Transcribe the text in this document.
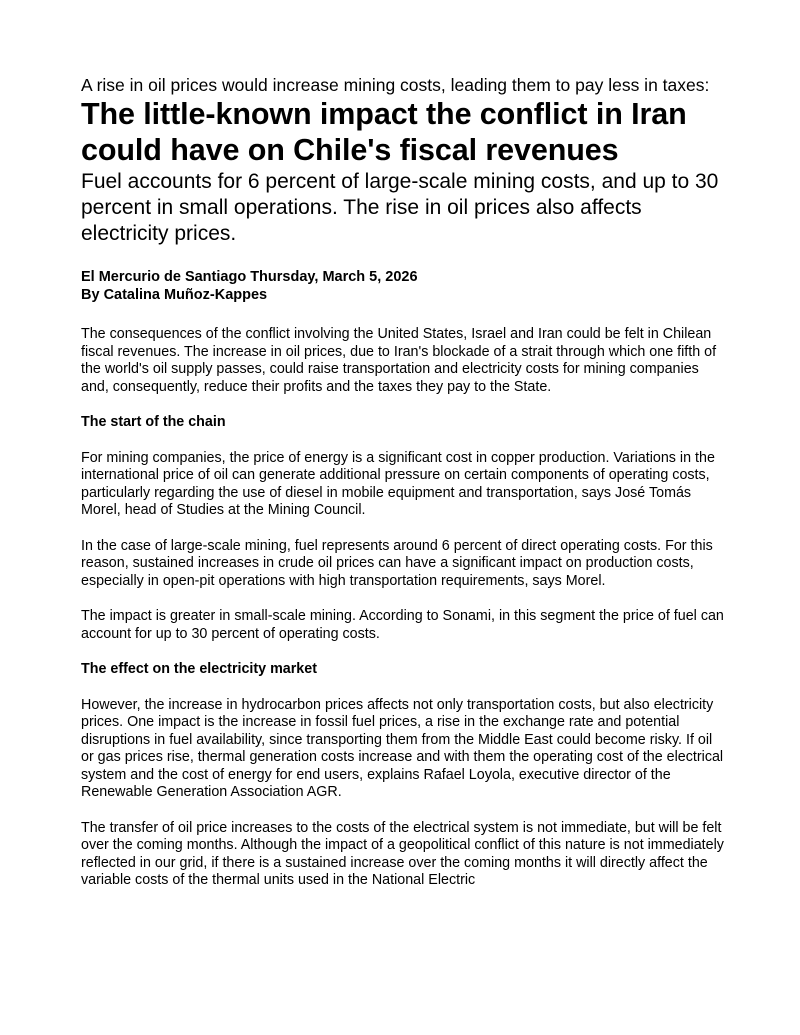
A rise in oil prices would increase mining costs, leading them to pay less in taxes:

The little-known impact the conflict in Iran could have on Chile's fiscal revenues

Fuel accounts for 6 percent of large-scale mining costs, and up to 30 percent in small operations. The rise in oil prices also affects electricity prices.

El Mercurio de Santiago Thursday, March 5, 2026
By Catalina Muñoz-Kappes

The consequences of the conflict involving the United States, Israel and Iran could be felt in Chilean fiscal revenues. The increase in oil prices, due to Iran's blockade of a strait through which one fifth of the world's oil supply passes, could raise transportation and electricity costs for mining companies and, consequently, reduce their profits and the taxes they pay to the State.

The start of the chain

For mining companies, the price of energy is a significant cost in copper production. Variations in the international price of oil can generate additional pressure on certain components of operating costs, particularly regarding the use of diesel in mobile equipment and transportation, says José Tomás Morel, head of Studies at the Mining Council.

In the case of large-scale mining, fuel represents around 6 percent of direct operating costs. For this reason, sustained increases in crude oil prices can have a significant impact on production costs, especially in open-pit operations with high transportation requirements, says Morel.

The impact is greater in small-scale mining. According to Sonami, in this segment the price of fuel can account for up to 30 percent of operating costs.

The effect on the electricity market

However, the increase in hydrocarbon prices affects not only transportation costs, but also electricity prices. One impact is the increase in fossil fuel prices, a rise in the exchange rate and potential disruptions in fuel availability, since transporting them from the Middle East could become risky. If oil or gas prices rise, thermal generation costs increase and with them the operating cost of the electrical system and the cost of energy for end users, explains Rafael Loyola, executive director of the Renewable Generation Association AGR.

The transfer of oil price increases to the costs of the electrical system is not immediate, but will be felt over the coming months. Although the impact of a geopolitical conflict of this nature is not immediately reflected in our grid, if there is a sustained increase over the coming months it will directly affect the variable costs of the thermal units used in the National Electric
